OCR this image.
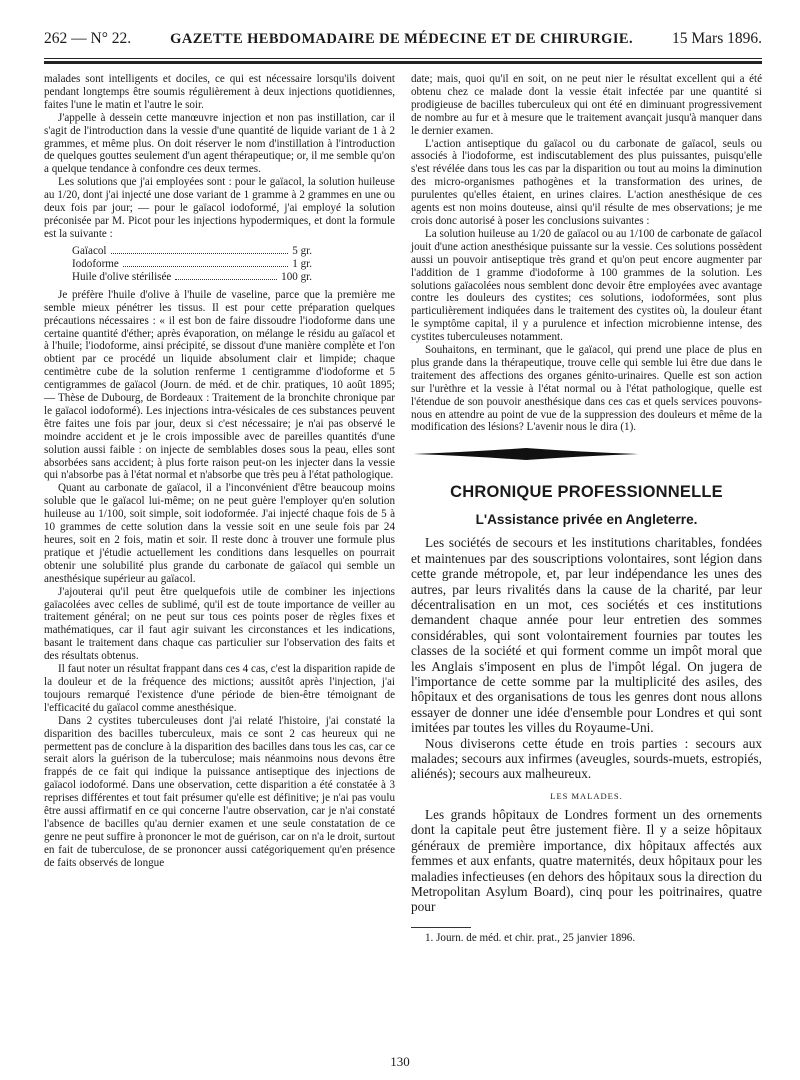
262 — N° 22.	GAZETTE HEBDOMADAIRE DE MÉDECINE ET DE CHIRURGIE.	15 Mars 1896.

malades sont intelligents et dociles, ce qui est nécessaire lorsqu'ils doivent pendant longtemps être soumis régulièrement à deux injections quotidiennes, faites l'une le matin et l'autre le soir.

J'appelle à dessein cette manœuvre injection et non pas instillation, car il s'agit de l'introduction dans la vessie d'une quantité de liquide variant de 1 à 2 grammes, et même plus. On doit réserver le nom d'instillation à l'introduction de quelques gouttes seulement d'un agent thérapeutique; or, il me semble qu'on a quelque tendance à confondre ces deux termes.

Les solutions que j'ai employées sont : pour le gaïacol, la solution huileuse au 1/20, dont j'ai injecté une dose variant de 1 gramme à 2 grammes en une ou deux fois par jour; — pour le gaïacol iodoformé, j'ai employé la solution préconisée par M. Picot pour les injections hypodermiques, et dont la formule est la suivante :

Gaïacol	5 gr.
Iodoforme	1 gr.
Huile d'olive stérilisée	100 gr.

Je préfère l'huile d'olive à l'huile de vaseline, parce que la première me semble mieux pénétrer les tissus. Il est pour cette préparation quelques précautions nécessaires : « il est bon de faire dissoudre l'iodoforme dans une certaine quantité d'éther; après évaporation, on mélange le résidu au gaïacol et à l'huile; l'iodoforme, ainsi précipité, se dissout d'une manière complète et l'on obtient par ce procédé un liquide absolument clair et limpide; chaque centimètre cube de la solution renferme 1 centigramme d'iodoforme et 5 centigrammes de gaïacol (Journ. de méd. et de chir. pratiques, 10 août 1895; — Thèse de Dubourg, de Bordeaux : Traitement de la bronchite chronique par le gaïacol iodoformé). Les injections intra-vésicales de ces substances peuvent être faites une fois par jour, deux si c'est nécessaire; je n'ai pas observé le moindre accident et je le crois impossible avec de pareilles quantités d'une solution aussi faible : on injecte de semblables doses sous la peau, elles sont absorbées sans accident; à plus forte raison peut-on les injecter dans la vessie qui n'absorbe pas à l'état normal et n'absorbe que très peu à l'état pathologique.

Quant au carbonate de gaïacol, il a l'inconvénient d'être beaucoup moins soluble que le gaïacol lui-même; on ne peut guère l'employer qu'en solution huileuse au 1/100, soit simple, soit iodoformée. J'ai injecté chaque fois de 5 à 10 grammes de cette solution dans la vessie soit en une seule fois par 24 heures, soit en 2 fois, matin et soir. Il reste donc à trouver une formule plus pratique et j'étudie actuellement les conditions dans lesquelles on pourrait obtenir une solubilité plus grande du carbonate de gaïacol qui semble un anesthésique supérieur au gaïacol.

J'ajouterai qu'il peut être quelquefois utile de combiner les injections gaïacolées avec celles de sublimé, qu'il est de toute importance de veiller au traitement général; on ne peut sur tous ces points poser de règles fixes et mathématiques, car il faut agir suivant les circonstances et les indications, basant le traitement dans chaque cas particulier sur l'observation des faits et des résultats obtenus.

Il faut noter un résultat frappant dans ces 4 cas, c'est la disparition rapide de la douleur et de la fréquence des mictions; aussitôt après l'injection, j'ai toujours remarqué l'existence d'une période de bien-être témoignant de l'efficacité du gaïacol comme anesthésique.

Dans 2 cystites tuberculeuses dont j'ai relaté l'histoire, j'ai constaté la disparition des bacilles tuberculeux, mais ce sont 2 cas heureux qui ne permettent pas de conclure à la disparition des bacilles dans tous les cas, car ce serait alors la guérison de la tuberculose; mais néanmoins nous devons être frappés de ce fait qui indique la puissance antiseptique des injections de gaïacol iodoformé. Dans une observation, cette disparition a été constatée à 3 reprises différentes et tout fait présumer qu'elle est définitive; je n'ai pas voulu être aussi affirmatif en ce qui concerne l'autre observation, car je n'ai constaté l'absence de bacilles qu'au dernier examen et une seule constatation de ce genre ne peut suffire à prononcer le mot de guérison, car on n'a le droit, surtout en fait de tuberculose, de se prononcer aussi catégoriquement qu'en présence de faits observés de longue

date; mais, quoi qu'il en soit, on ne peut nier le résultat excellent qui a été obtenu chez ce malade dont la vessie était infectée par une quantité si prodigieuse de bacilles tuberculeux qui ont été en diminuant progressivement de nombre au fur et à mesure que le traitement avançait jusqu'à manquer dans le dernier examen.

L'action antiseptique du gaïacol ou du carbonate de gaïacol, seuls ou associés à l'iodoforme, est indiscutablement des plus puissantes, puisqu'elle s'est révélée dans tous les cas par la disparition ou tout au moins la diminution des micro-organismes pathogènes et la transformation des urines, de purulentes qu'elles étaient, en urines claires. L'action anesthésique de ces agents est non moins douteuse, ainsi qu'il résulte de mes observations; je me crois donc autorisé à poser les conclusions suivantes :

La solution huileuse au 1/20 de gaïacol ou au 1/100 de carbonate de gaïacol jouit d'une action anesthésique puissante sur la vessie. Ces solutions possèdent aussi un pouvoir antiseptique très grand et qu'on peut encore augmenter par l'addition de 1 gramme d'iodoforme à 100 grammes de la solution. Les solutions gaïacolées nous semblent donc devoir être employées avec avantage contre les douleurs des cystites; ces solutions, iodoformées, sont plus particulièrement indiquées dans le traitement des cystites où, la douleur étant le symptôme capital, il y a purulence et infection microbienne intense, des cystites tuberculeuses notamment.

Souhaitons, en terminant, que le gaïacol, qui prend une place de plus en plus grande dans la thérapeutique, trouve celle qui semble lui être due dans le traitement des affections des organes génito-urinaires. Quelle est son action sur l'urèthre et la vessie à l'état normal ou à l'état pathologique, quelle est l'étendue de son pouvoir anesthésique dans ces cas et quels services pouvons-nous en attendre au point de vue de la suppression des douleurs et même de la modification des lésions? L'avenir nous le dira (1).

CHRONIQUE PROFESSIONNELLE
L'Assistance privée en Angleterre.

Les sociétés de secours et les institutions charitables, fondées et maintenues par des souscriptions volontaires, sont légion dans cette grande métropole, et, par leur indépendance les unes des autres, par leurs rivalités dans la cause de la charité, par leur décentralisation en un mot, ces sociétés et ces institutions demandent chaque année pour leur entretien des sommes considérables, qui sont volontairement fournies par toutes les classes de la société et qui forment comme un impôt moral que les Anglais s'imposent en plus de l'impôt légal. On jugera de l'importance de cette somme par la multiplicité des asiles, des hôpitaux et des organisations de tous les genres dont nous allons essayer de donner une idée d'ensemble pour Londres et qui sont imitées par toutes les villes du Royaume-Uni.

Nous diviserons cette étude en trois parties : secours aux malades; secours aux infirmes (aveugles, sourds-muets, estropiés, aliénés); secours aux malheureux.

LES MALADES.

Les grands hôpitaux de Londres forment un des ornements dont la capitale peut être justement fière. Il y a seize hôpitaux généraux de première importance, dix hôpitaux affectés aux femmes et aux enfants, quatre maternités, deux hôpitaux pour les maladies infectieuses (en dehors des hôpitaux sous la direction du Metropolitan Asylum Board), cinq pour les poitrinaires, quatre pour

1. Journ. de méd. et chir. prat., 25 janvier 1896.

130
